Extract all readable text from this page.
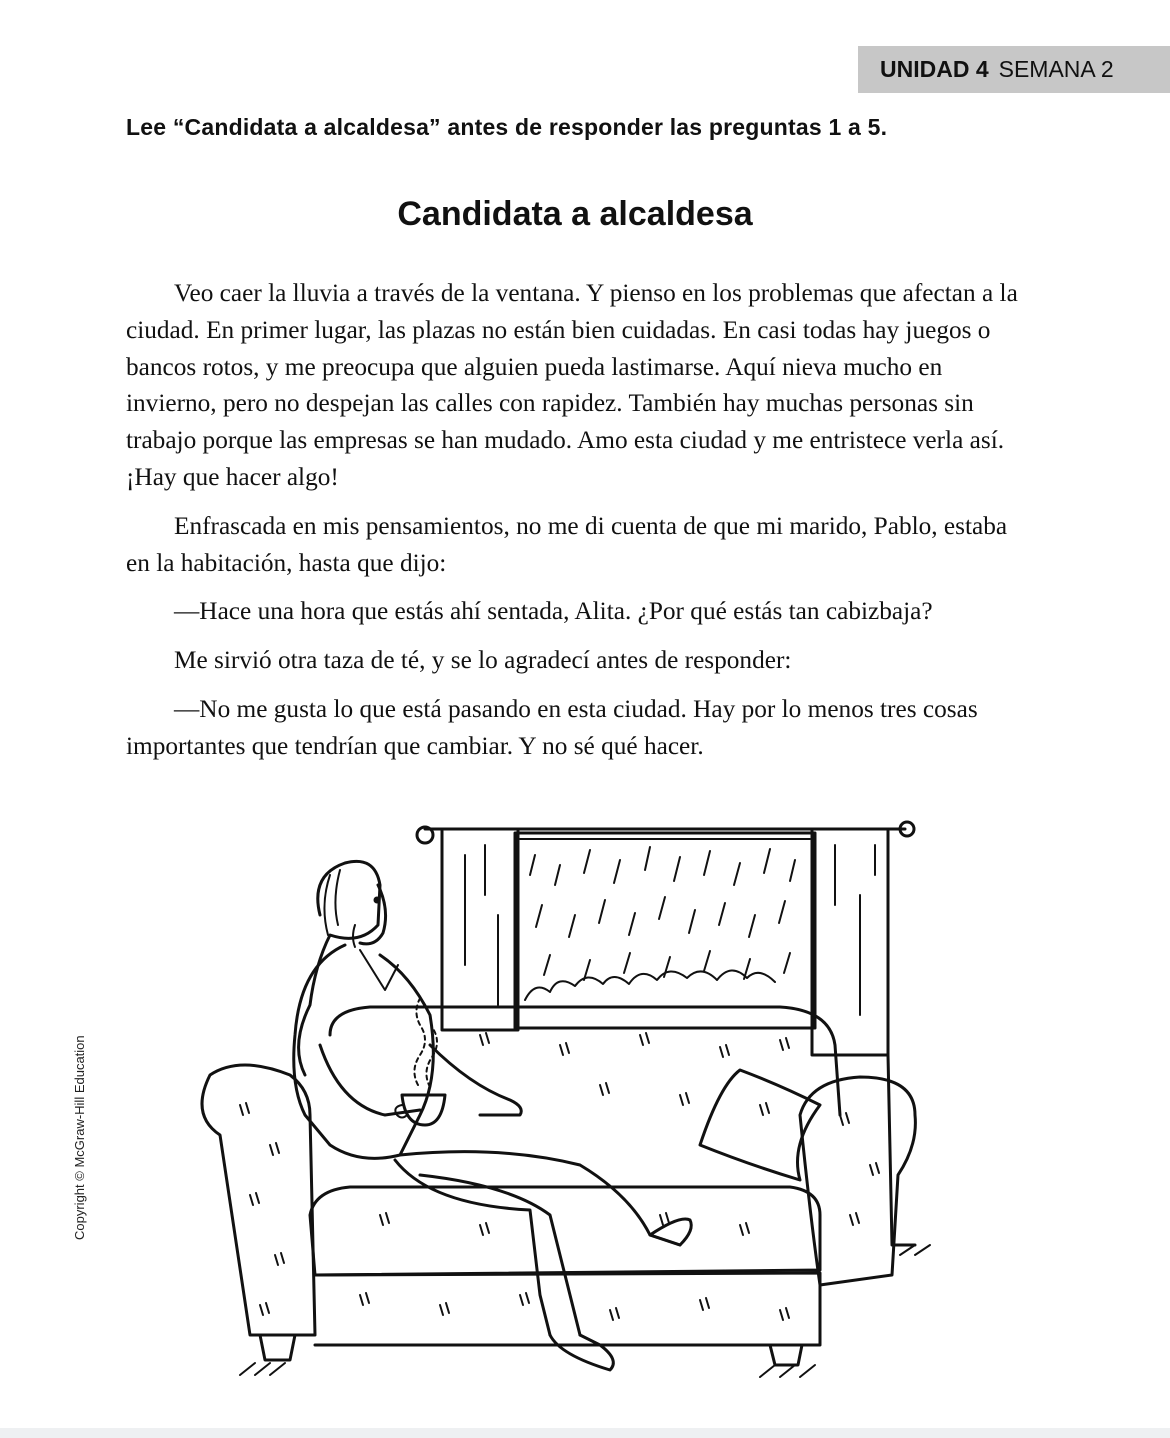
UNIDAD 4 SEMANA 2
Lee “Candidata a alcaldesa” antes de responder las preguntas 1 a 5.
Candidata a alcaldesa

Veo caer la lluvia a través de la ventana. Y pienso en los problemas que afectan a la ciudad. En primer lugar, las plazas no están bien cuidadas. En casi todas hay juegos o bancos rotos, y me preocupa que alguien pueda lastimarse. Aquí nieva mucho en invierno, pero no despejan las calles con rapidez. También hay muchas personas sin trabajo porque las empresas se han mudado. Amo esta ciudad y me entristece verla así. ¡Hay que hacer algo!

Enfrascada en mis pensamientos, no me di cuenta de que mi marido, Pablo, estaba en la habitación, hasta que dijo:

—Hace una hora que estás ahí sentada, Alita. ¿Por qué estás tan cabizbaja?

Me sirvió otra taza de té, y se lo agradecí antes de responder:

—No me gusta lo que está pasando en esta ciudad. Hay por lo menos tres cosas importantes que tendrían que cambiar. Y no sé qué hacer.

Copyright © McGraw-Hill Education
